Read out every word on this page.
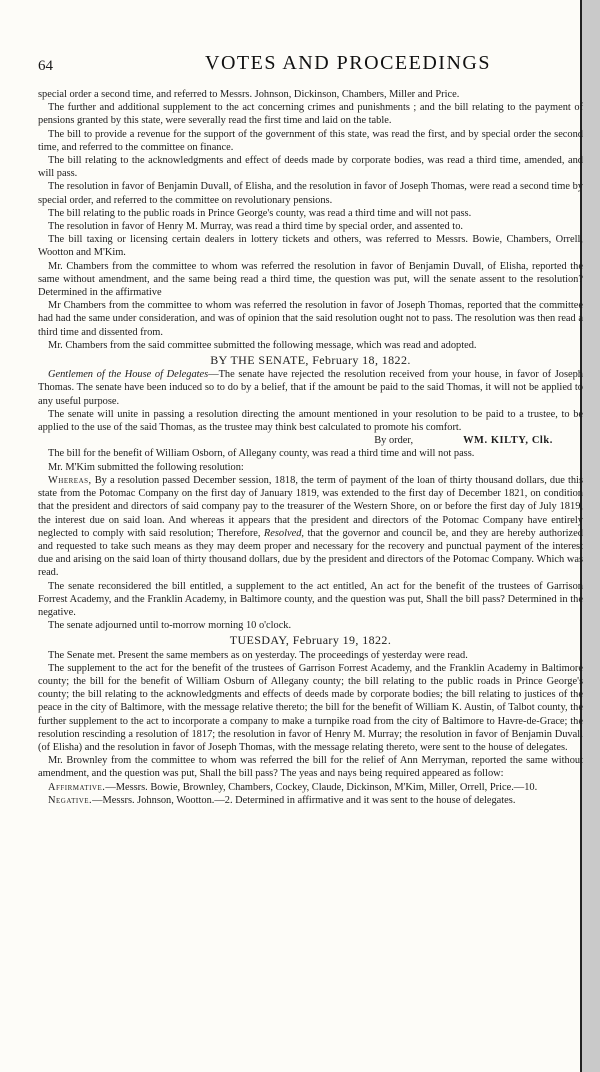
64	VOTES AND PROCEEDINGS

special order a second time, and referred to Messrs. Johnson, Dickinson, Chambers, Miller and Price.

The further and additional supplement to the act concerning crimes and punishments ; and the bill relating to the payment of pensions granted by this state, were severally read the first time and laid on the table.

The bill to provide a revenue for the support of the government of this state, was read the first, and by special order the second time, and referred to the committee on finance.

The bill relating to the acknowledgments and effect of deeds made by corporate bodies, was read a third time, amended, and will pass.

The resolution in favor of Benjamin Duvall, of Elisha, and the resolution in favor of Joseph Thomas, were read a second time by special order, and referred to the committee on revolutionary pensions.

The bill relating to the public roads in Prince George's county, was read a third time and will not pass.

The resolution in favor of Henry M. Murray, was read a third time by special order, and assented to.

The bill taxing or licensing certain dealers in lottery tickets and others, was referred to Messrs. Bowie, Chambers, Orrell, Wootton and M'Kim.

Mr. Chambers from the committee to whom was referred the resolution in favor of Benjamin Duvall, of Elisha, reported the same without amendment, and the same being read a third time, the question was put, will the senate assent to the resolution? Determined in the affirmative

Mr Chambers from the committee to whom was referred the resolution in favor of Joseph Thomas, reported that the committee had had the same under consideration, and was of opinion that the said resolution ought not to pass. The resolution was then read a third time and dissented from.

Mr. Chambers from the said committee submitted the following message, which was read and adopted.

BY THE SENATE, February 18, 1822.

Gentlemen of the House of Delegates—The senate have rejected the resolution received from your house, in favor of Joseph Thomas. The senate have been induced so to do by a belief, that if the amount be paid to the said Thomas, it will not be applied to any useful purpose.

The senate will unite in passing a resolution directing the amount mentioned in your resolution to be paid to a trustee, to be applied to the use of the said Thomas, as the trustee may think best calculated to promote his comfort.

By order,	WM. KILTY, Clk.

The bill for the benefit of William Osborn, of Allegany county, was read a third time and will not pass.

Mr. M'Kim submitted the following resolution:

Whereas, By a resolution passed December session, 1818, the term of payment of the loan of thirty thousand dollars, due this state from the Potomac Company on the first day of January 1819, was extended to the first day of December 1821, on condition that the president and directors of said company pay to the treasurer of the Western Shore, on or before the first day of July 1819, the interest due on said loan. And whereas it appears that the president and directors of the Potomac Company have entirely neglected to comply with said resolution; Therefore, Resolved, that the governor and council be, and they are hereby authorized and requested to take such means as they may deem proper and necessary for the recovery and punctual payment of the interest due and arising on the said loan of thirty thousand dollars, due by the president and directors of the Potomac Company. Which was read.

The senate reconsidered the bill entitled, a supplement to the act entitled, An act for the benefit of the trustees of Garrison Forrest Academy, and the Franklin Academy, in Baltimore county, and the question was put, Shall the bill pass? Determined in the negative.

The senate adjourned until to-morrow morning 10 o'clock.

TUESDAY, February 19, 1822.

The Senate met. Present the same members as on yesterday. The proceedings of yesterday were read.

The supplement to the act for the benefit of the trustees of Garrison Forrest Academy, and the Franklin Academy in Baltimore county; the bill for the benefit of William Osburn of Allegany county; the bill relating to the public roads in Prince George's county; the bill relating to the acknowledgments and effects of deeds made by corporate bodies; the bill relating to justices of the peace in the city of Baltimore, with the message relative thereto; the bill for the benefit of William K. Austin, of Talbot county, the further supplement to the act to incorporate a company to make a turnpike road from the city of Baltimore to Havre-de-Grace; the resolution rescinding a resolution of 1817; the resolution in favor of Henry M. Murray; the resolution in favor of Benjamin Duvall (of Elisha) and the resolution in favor of Joseph Thomas, with the message relating thereto, were sent to the house of delegates.

Mr. Brownley from the committee to whom was referred the bill for the relief of Ann Merryman, reported the same without amendment, and the question was put, Shall the bill pass? The yeas and nays being required appeared as follow:

Affirmative.—Messrs. Bowie, Brownley, Chambers, Cockey, Claude, Dickinson, M'Kim, Miller, Orrell, Price.—10.

Negative.—Messrs. Johnson, Wootton.—2. Determined in affirmative and it was sent to the house of delegates.
